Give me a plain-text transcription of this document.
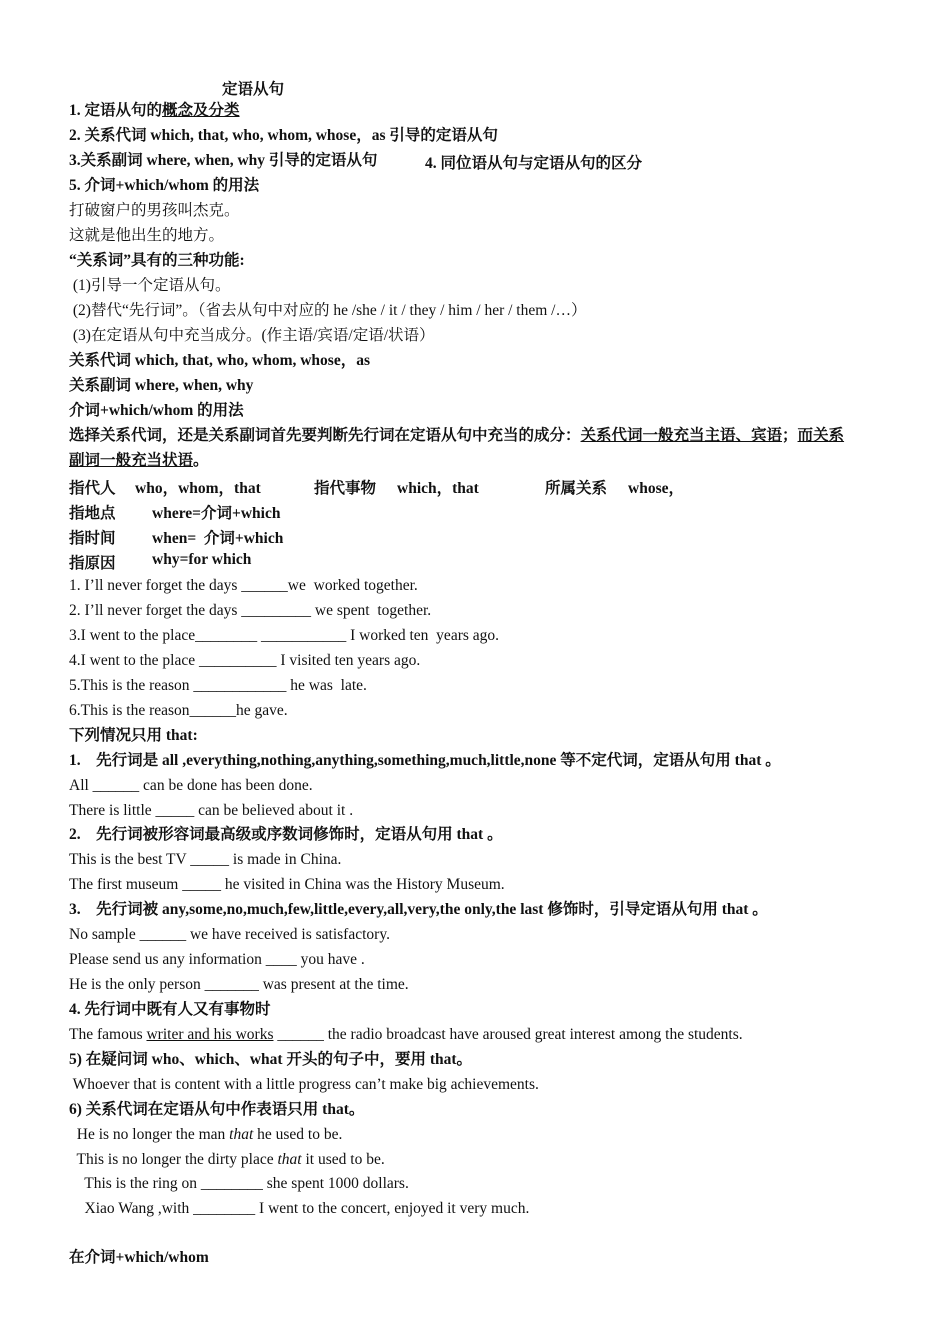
定语从句
1. 定语从句的概念及分类
2. 关系代词 which, that, who, whom, whose，as 引导的定语从句
3.关系副词 where, when, why 引导的定语从句	4. 同位语从句与定语从句的区分
5. 介词+which/whom 的用法
打破窗户的男孩叫杰克。
这就是他出生的地方。
“关系词”具有的三种功能:
(1)引导一个定语从句。
(2)替代“先行词”。（省去从句中对应的 he /she / it / they / him / her / them /…）
(3)在定语从句中充当成分。(作主语/宾语/定语/状语）
关系代词 which, that, who, whom, whose，as
关系副词 where, when, why
介词+which/whom 的用法
选择关系代词，还是关系副词首先要判断先行词在定语从句中充当的成分：关系代词一般充当主语、宾语；而关系
副词一般充当状语。
指代人 who，whom，that	指代事物 which，that	所属关系 whose，
指地点 where=介词+which
指时间 when=  介词+which
指原因 why=for which
1. I’ll never forget the days ______we  worked together.
2. I’ll never forget the days _________ we spent  together.
3.I went to the place________ ___________ I worked ten  years ago.
4.I went to the place __________ I visited ten years ago.
5.This is the reason ____________ he was  late.
6.This is the reason______he gave.
下列情况只用 that:
1.    先行词是 all ,everything,nothing,anything,something,much,little,none 等不定代词，定语从句用 that 。
All ______ can be done has been done.
There is little _____ can be believed about it .
2.    先行词被形容词最高级或序数词修饰时，定语从句用 that 。
This is the best TV _____ is made in China.
The first museum _____ he visited in China was the History Museum.
3.    先行词被 any,some,no,much,few,little,every,all,very,the only,the last 修饰时，引导定语从句用 that 。
No sample ______ we have received is satisfactory.
Please send us any information ____ you have .
He is the only person _______ was present at the time.
4. 先行词中既有人又有事物时
The famous writer and his works ______ the radio broadcast have aroused great interest among the students.
5) 在疑问词 who、which、what 开头的句子中，要用 that。
Whoever that is content with a little progress can’t make big achievements.
6) 关系代词在定语从句中作表语只用 that。
He is no longer the man that he used to be.
This is no longer the dirty place that it used to be.
This is the ring on ________ she spent 1000 dollars.
Xiao Wang ,with ________ I went to the concert, enjoyed it very much.
在介词+which/whom
